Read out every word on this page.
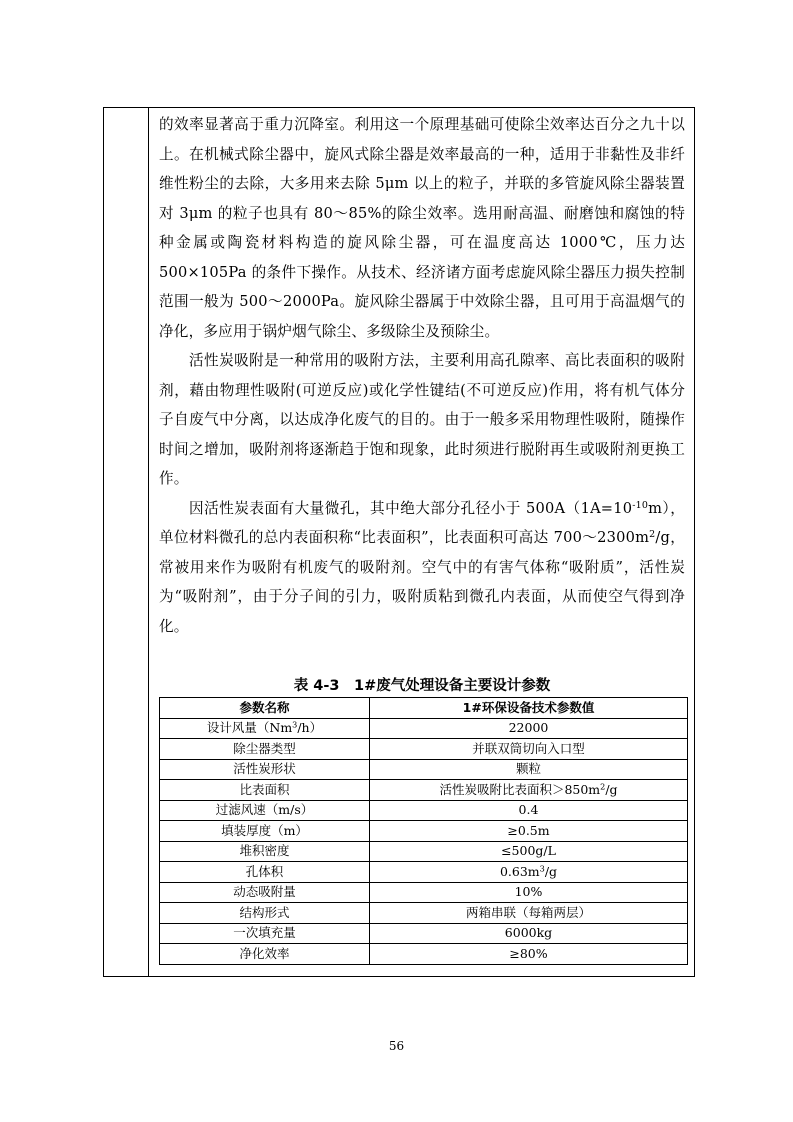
的效率显著高于重力沉降室。利用这一个原理基础可使除尘效率达百分之九十以上。在机械式除尘器中，旋风式除尘器是效率最高的一种，适用于非黏性及非纤维性粉尘的去除，大多用来去除 5μm 以上的粒子，并联的多管旋风除尘器装置对 3μm 的粒子也具有 80～85%的除尘效率。选用耐高温、耐磨蚀和腐蚀的特种金属或陶瓷材料构造的旋风除尘器，可在温度高达 1000℃，压力达 500×105Pa 的条件下操作。从技术、经济诸方面考虑旋风除尘器压力损失控制范围一般为 500～2000Pa。旋风除尘器属于中效除尘器，且可用于高温烟气的净化，多应用于锅炉烟气除尘、多级除尘及预除尘。

活性炭吸附是一种常用的吸附方法，主要利用高孔隙率、高比表面积的吸附剂，藉由物理性吸附(可逆反应)或化学性键结(不可逆反应)作用，将有机气体分子自废气中分离，以达成净化废气的目的。由于一般多采用物理性吸附，随操作时间之增加，吸附剂将逐渐趋于饱和现象，此时须进行脱附再生或吸附剂更换工作。

因活性炭表面有大量微孔，其中绝大部分孔径小于 $500A(1A=10^{-10}m)$，单位材料微孔的总内表面积称“比表面积”，比表面积可高达 $700\sim 2300m^2/g$，常被用来作为吸附有机废气的吸附剂。空气中的有害气体称“吸附质”，活性炭为“吸附剂”，由于分子间的引力，吸附质粘到微孔内表面，从而使空气得到净化。

表 4-3　1#废气处理设备主要设计参数
参数名称	1#环保设备技术参数值
设计风量（Nm$^3$/h）	22000
除尘器类型	并联双筒切向入口型
活性炭形状	颗粒
比表面积	活性炭吸附比表面积$>850m^2/g$
过滤风速（m/s）	0.4
填装厚度（m）	≥0.5m
堆积密度	≤500g/L
孔体积	$0.63m^3/g$
动态吸附量	10%
结构形式	两箱串联（每箱两层）
一次填充量	6000kg
净化效率	≥80%
56
